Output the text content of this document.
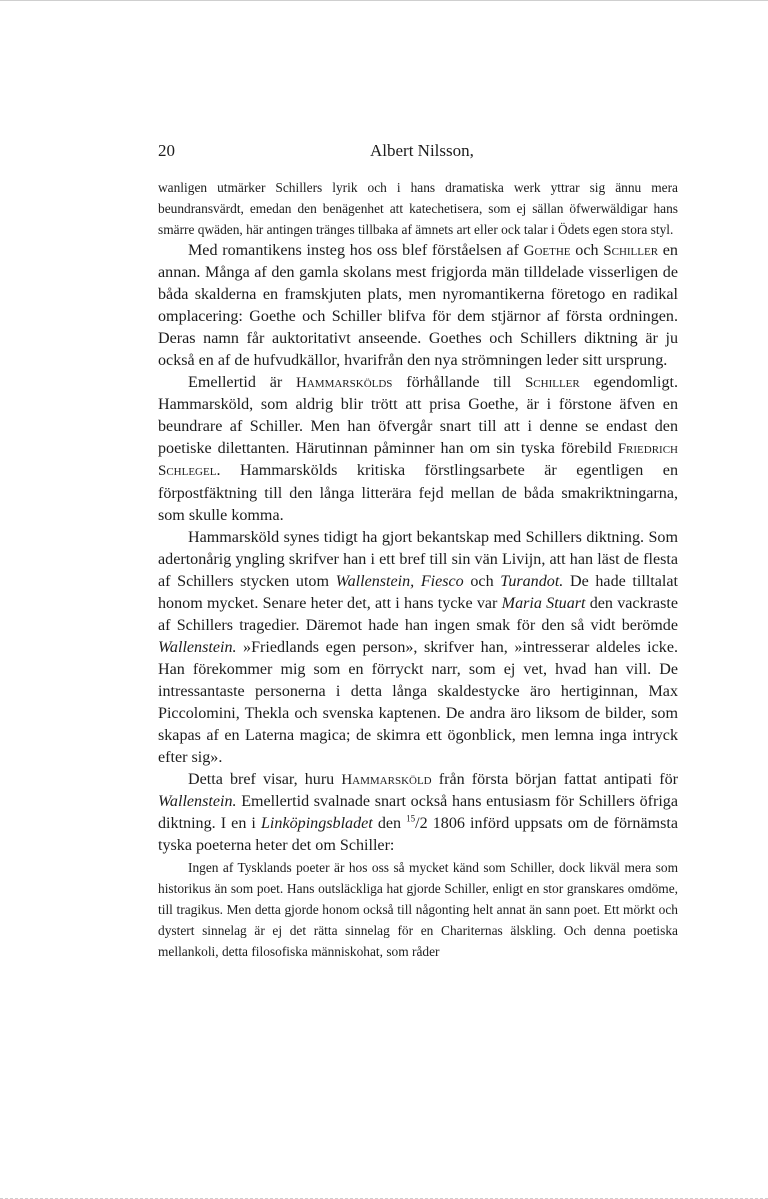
20	Albert Nilsson,

wanligen utmärker Schillers lyrik och i hans dramatiska werk yttrar sig ännu mera beundransvärdt, emedan den benägenhet att katechetisera, som ej sällan öfwerwäldigar hans smärre qwäden, här antingen tränges tillbaka af ämnets art eller ock talar i Ödets egen stora styl.

Med romantikens insteg hos oss blef förståelsen af Goethe och Schiller en annan. Många af den gamla skolans mest frigjorda män tilldelade visserligen de båda skalderna en framskjuten plats, men nyromantikerna företogo en radikal omplacering: Goethe och Schiller blifva för dem stjärnor af första ordningen. Deras namn får auktoritativt anseende. Goethes och Schillers diktning är ju också en af de hufvudkällor, hvarifrån den nya strömningen leder sitt ursprung.

Emellertid är Hammarskölds förhållande till Schiller egendomligt. Hammarsköld, som aldrig blir trött att prisa Goethe, är i förstone äfven en beundrare af Schiller. Men han öfvergår snart till att i denne se endast den poetiske dilettanten. Härutinnan påminner han om sin tyska förebild Friedrich Schlegel. Hammarskölds kritiska förstlingsarbete är egentligen en förpostfäktning till den långa litterära fejd mellan de båda smakriktningarna, som skulle komma.

Hammarsköld synes tidigt ha gjort bekantskap med Schillers diktning. Som adertonårig yngling skrifver han i ett bref till sin vän Livijn, att han läst de flesta af Schillers stycken utom Wallenstein, Fiesco och Turandot. De hade tilltalat honom mycket. Senare heter det, att i hans tycke var Maria Stuart den vackraste af Schillers tragedier. Däremot hade han ingen smak för den så vidt berömde Wallenstein. »Friedlands egen person», skrifver han, »intresserar aldeles icke. Han förekommer mig som en förryckt narr, som ej vet, hvad han vill. De intressantaste personerna i detta långa skaldestycke äro hertiginnan, Max Piccolomini, Thekla och svenska kaptenen. De andra äro liksom de bilder, som skapas af en Laterna magica; de skimra ett ögonblick, men lemna inga intryck efter sig».

Detta bref visar, huru Hammarsköld från första början fattat antipati för Wallenstein. Emellertid svalnade snart också hans entusiasm för Schillers öfriga diktning. I en i Linköpingsbladet den $^{15}$/2 1806 införd uppsats om de förnämsta tyska poeterna heter det om Schiller:

Ingen af Tysklands poeter är hos oss så mycket känd som Schiller, dock likväl mera som historikus än som poet. Hans outsläckliga hat gjorde Schiller, enligt en stor granskares omdöme, till tragikus. Men detta gjorde honom också till någonting helt annat än sann poet. Ett mörkt och dystert sinnelag är ej det rätta sinnelag för en Chariternas älskling. Och denna poetiska mellankoli, detta filosofiska människohat, som råder
